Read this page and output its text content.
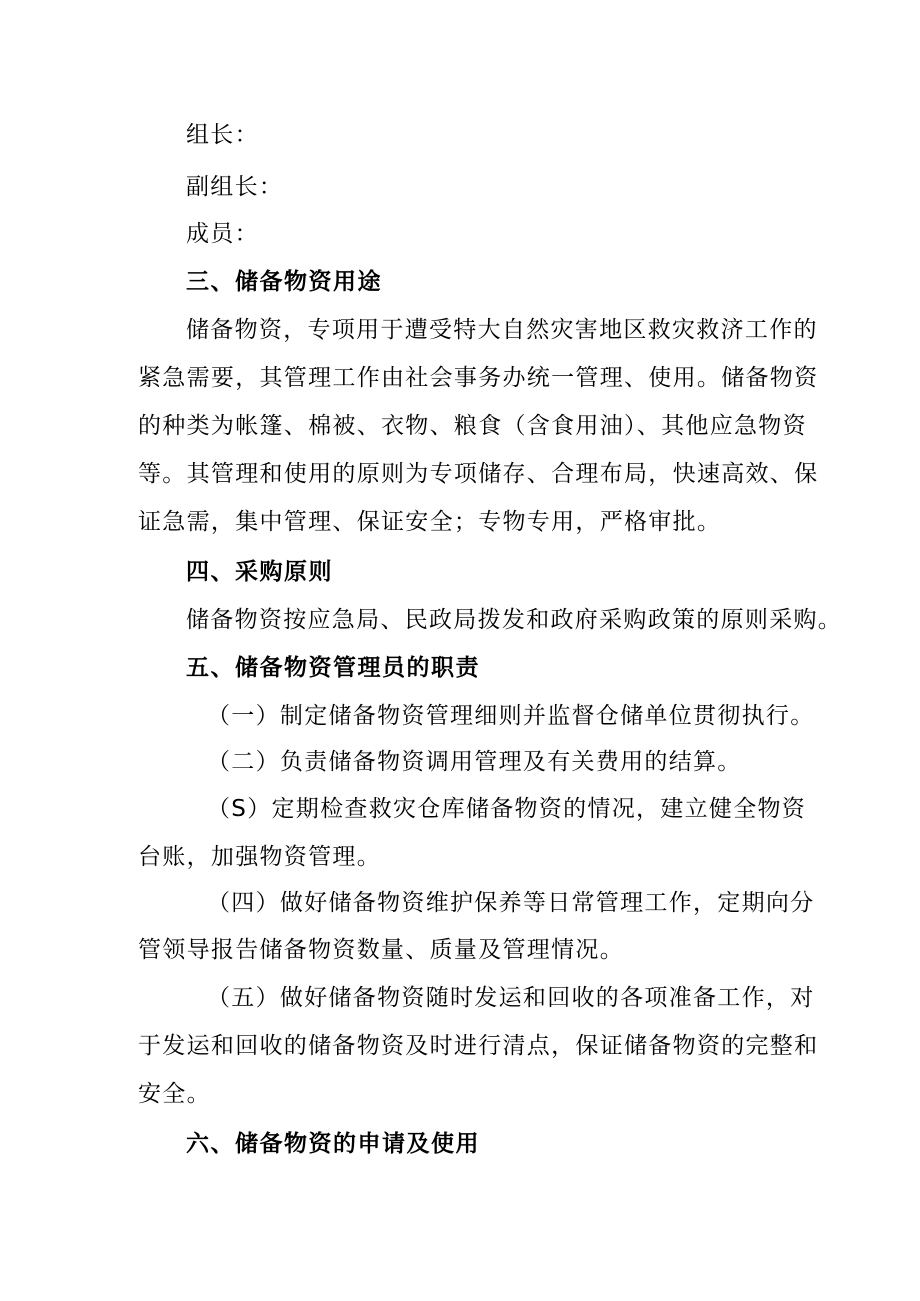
组长：
副组长：
成员：
三、储备物资用途
储备物资，专项用于遭受特大自然灾害地区救灾救济工作的
紧急需要，其管理工作由社会事务办统一管理、使用。储备物资
的种类为帐篷、棉被、衣物、粮食（含食用油）、其他应急物资
等。其管理和使用的原则为专项储存、合理布局，快速高效、保
证急需，集中管理、保证安全；专物专用，严格审批。
四、采购原则
储备物资按应急局、民政局拨发和政府采购政策的原则采购。
五、储备物资管理员的职责
（一）制定储备物资管理细则并监督仓储单位贯彻执行。
（二）负责储备物资调用管理及有关费用的结算。
（S）定期检查救灾仓库储备物资的情况，建立健全物资
台账，加强物资管理。
（四）做好储备物资维护保养等日常管理工作，定期向分
管领导报告储备物资数量、质量及管理情况。
（五）做好储备物资随时发运和回收的各项准备工作，对
于发运和回收的储备物资及时进行清点，保证储备物资的完整和
安全。
六、储备物资的申请及使用
